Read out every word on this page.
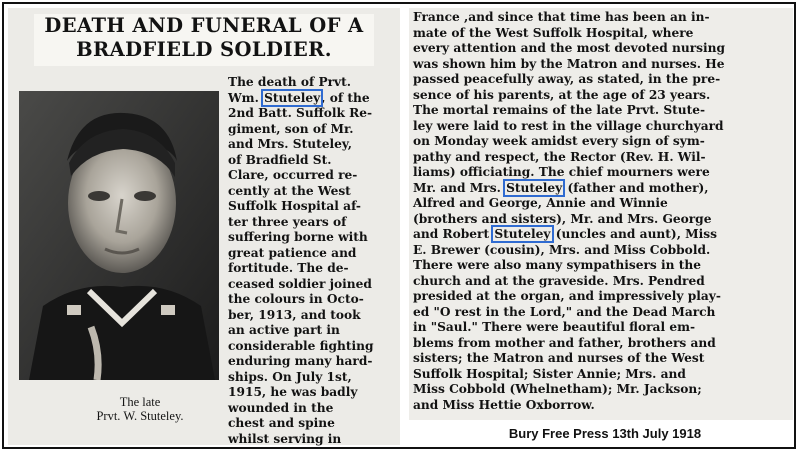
DEATH AND FUNERAL OF A
BRADFIELD SOLDIER.
The late
Prvt. W. Stuteley.
The death of Prvt.
Wm. Stuteley, of the
2nd Batt. Suffolk Re-
giment, son of Mr.
and Mrs. Stuteley,
of Bradfield St.
Clare, occurred re-
cently at the West
Suffolk Hospital af-
ter three years of
suffering borne with
great patience and
fortitude. The de-
ceased soldier joined
the colours in Octo-
ber, 1913, and took
an active part in
considerable fighting
enduring many hard-
ships. On July 1st,
1915, he was badly
wounded in the
chest and spine
whilst serving in
France ,and since that time has been an in-
mate of the West Suffolk Hospital, where
every attention and the most devoted nursing
was shown him by the Matron and nurses. He
passed peacefully away, as stated, in the pre-
sence of his parents, at the age of 23 years.
The mortal remains of the late Prvt. Stute-
ley were laid to rest in the village churchyard
on Monday week amidst every sign of sym-
pathy and respect, the Rector (Rev. H. Wil-
liams) officiating. The chief mourners were
Mr. and Mrs. Stuteley (father and mother),
Alfred and George, Annie and Winnie
(brothers and sisters), Mr. and Mrs. George
and Robert Stuteley (uncles and aunt), Miss
E. Brewer (cousin), Mrs. and Miss Cobbold.
There were also many sympathisers in the
church and at the graveside. Mrs. Pendred
presided at the organ, and impressively play-
ed "O rest in the Lord," and the Dead March
in "Saul." There were beautiful floral em-
blems from mother and father, brothers and
sisters; the Matron and nurses of the West
Suffolk Hospital; Sister Annie; Mrs. and
Miss Cobbold (Whelnetham); Mr. Jackson;
and Miss Hettie Oxborrow.
Bury Free Press 13th July 1918
